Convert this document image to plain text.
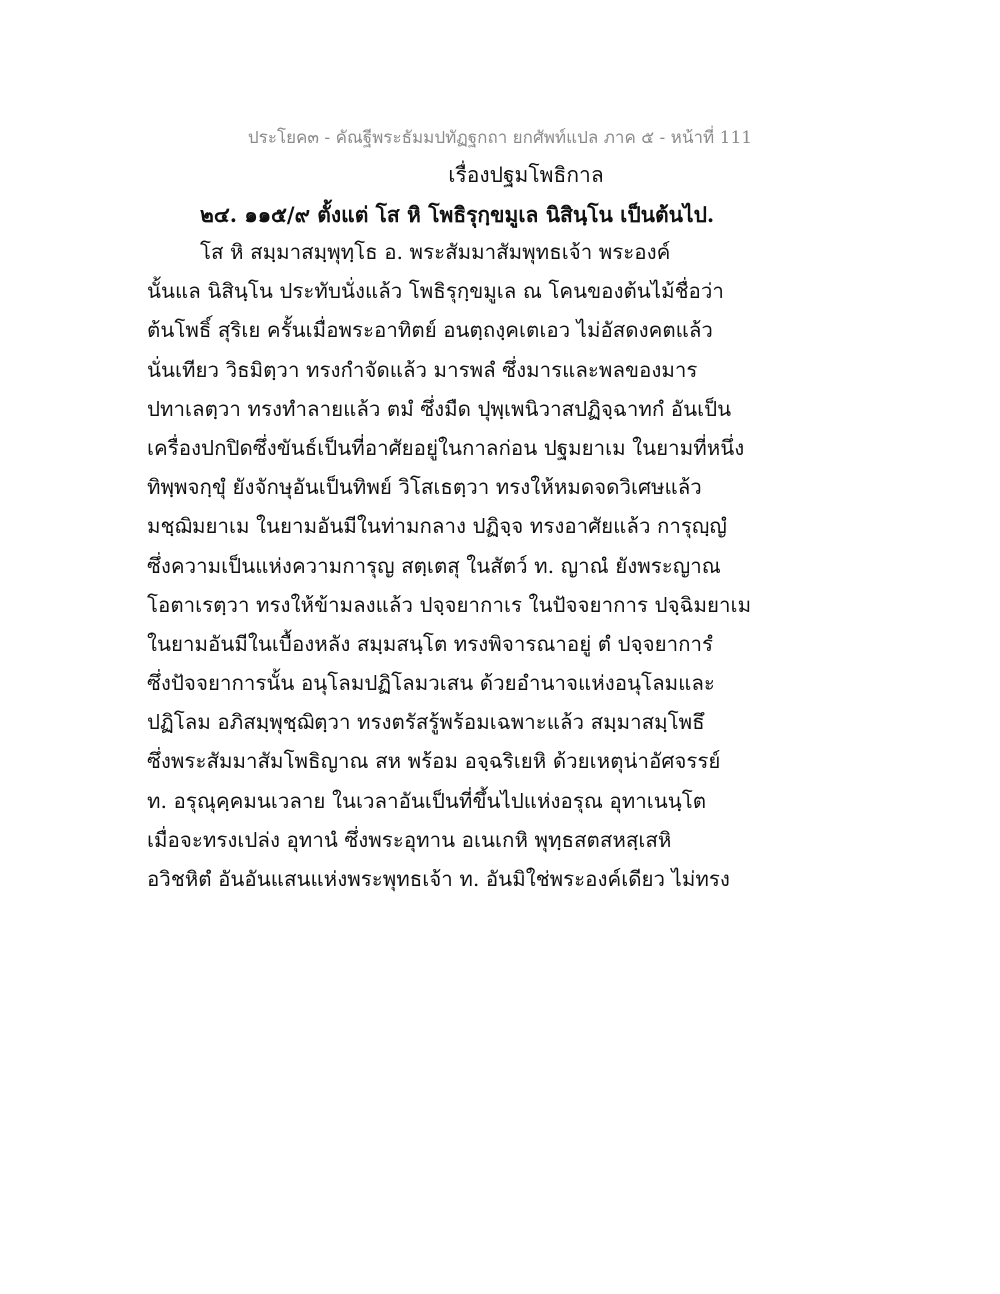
ประโยค๓ - คัณฐีพระธัมมปทัฏฐกถา ยกศัพท์แปล ภาค ๕ - หน้าที่ 111
เรื่องปฐมโพธิกาล
๒๔. ๑๑๕/๙ ตั้งแต่ โส หิ โพธิรุกฺขมูเล นิสินฺโน เป็นต้นไป.
โส หิ สมฺมาสมฺพุทฺโธ อ. พระสัมมาสัมพุทธเจ้า พระองค์
นั้นแล นิสินฺโน ประทับนั่งแล้ว โพธิรุกฺขมูเล ณ โคนของต้นไม้ชื่อว่า
ต้นโพธิ์ สุริเย ครั้นเมื่อพระอาทิตย์ อนตฺถงฺคเตเอว ไม่อัสดงคตแล้ว
นั่นเทียว วิธมิตฺวา ทรงกำจัดแล้ว มารพลํ ซึ่งมารและพลของมาร
ปทาเลตฺวา ทรงทำลายแล้ว ตมํ ซึ่งมืด ปุพฺเพนิวาสปฏิจฺฉาทกํ อันเป็น
เครื่องปกปิดซึ่งขันธ์เป็นที่อาศัยอยู่ในกาลก่อน ปฐมยาเม ในยามที่หนึ่ง
ทิพฺพจกฺขุํ ยังจักษุอันเป็นทิพย์ วิโสเธตฺวา ทรงให้หมดจดวิเศษแล้ว
มชฺฌิมยาเม ในยามอันมีในท่ามกลาง ปฏิจฺจ ทรงอาศัยแล้ว การุญฺญํ
ซึ่งความเป็นแห่งความการุญ สตฺเตสุ ในสัตว์ ท. ญาณํ ยังพระญาณ
โอตาเรตฺวา ทรงให้ข้ามลงแล้ว ปจฺจยากาเร ในปัจจยาการ ปจฺฉิมยาเม
ในยามอันมีในเบื้องหลัง สมฺมสนฺโต ทรงพิจารณาอยู่ ตํ ปจฺจยาการํ
ซึ่งปัจจยาการนั้น อนุโลมปฏิโลมวเสน ด้วยอำนาจแห่งอนุโลมและ
ปฏิโลม อภิสมฺพุชฺฌิตฺวา ทรงตรัสรู้พร้อมเฉพาะแล้ว สมฺมาสมฺโพธึ
ซึ่งพระสัมมาสัมโพธิญาณ สห พร้อม อจฺฉริเยหิ ด้วยเหตุน่าอัศจรรย์
ท. อรุณุคฺคมนเวลาย ในเวลาอันเป็นที่ขึ้นไปแห่งอรุณ อุทาเนนฺโต
เมื่อจะทรงเปล่ง อุทานํ ซึ่งพระอุทาน อเนเกหิ พุทฺธสตสหสฺเสหิ
อวิชหิตํ อันอันแสนแห่งพระพุทธเจ้า ท. อันมิใช่พระองค์เดียว ไม่ทรง
